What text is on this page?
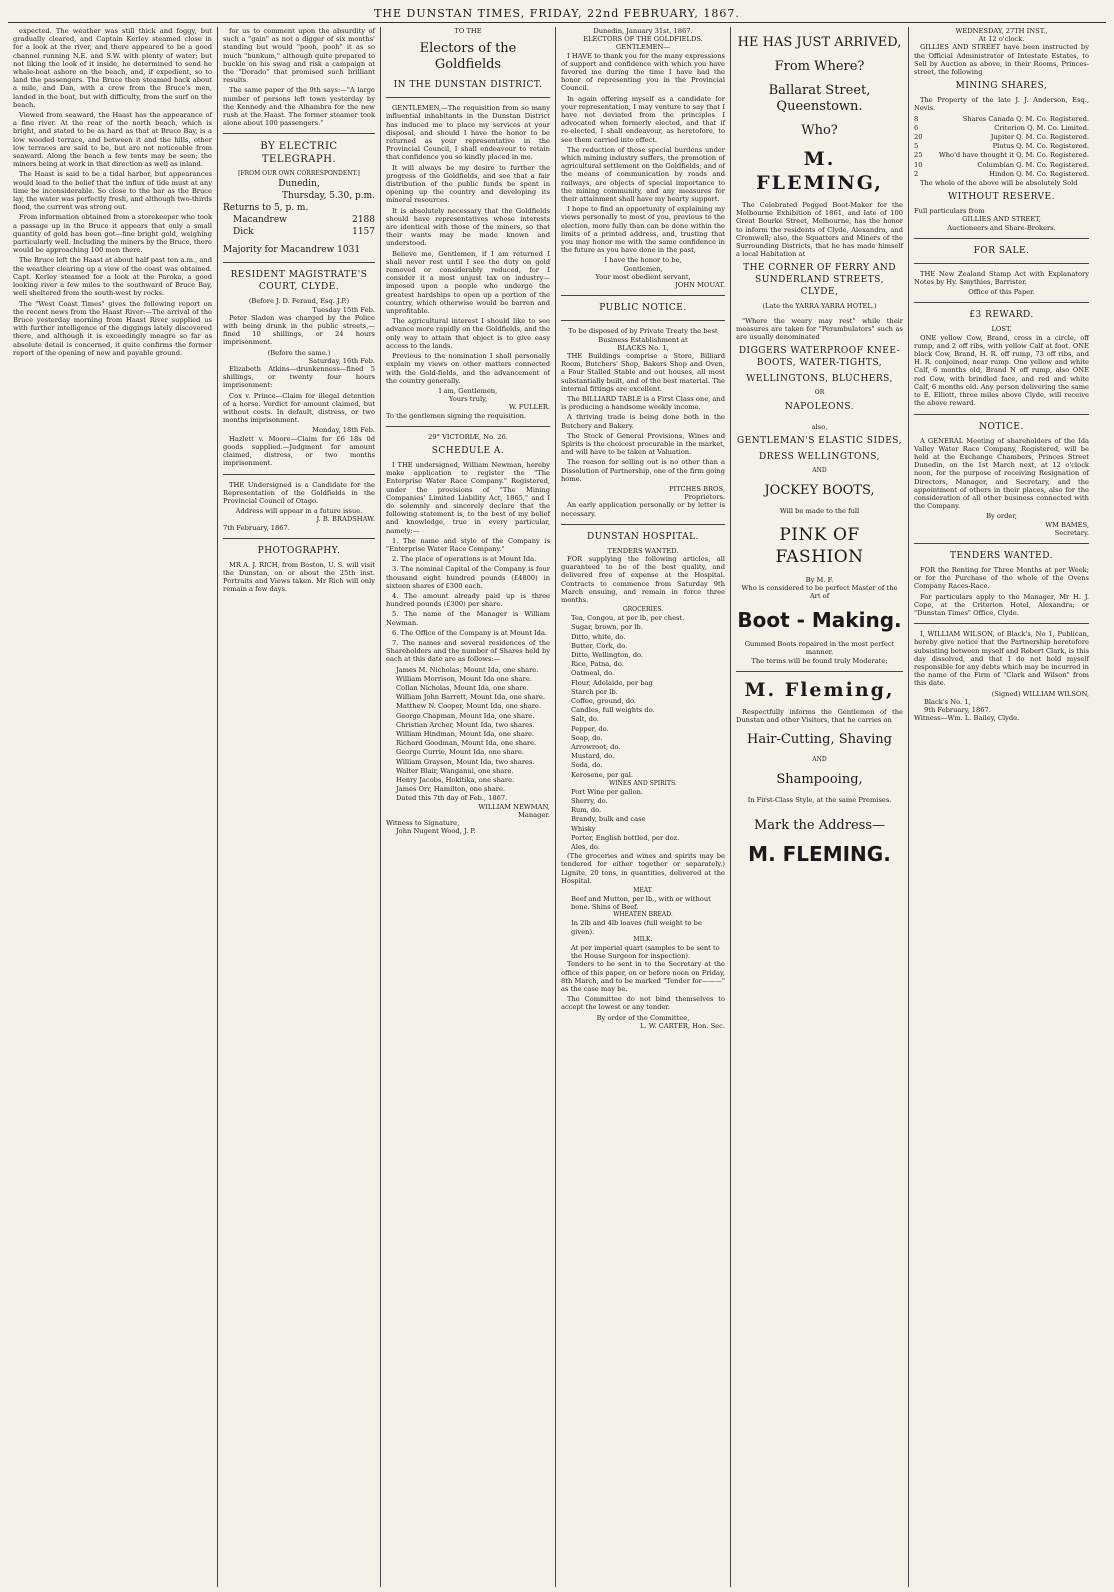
THE DUNSTAN TIMES, FRIDAY, 22nd FEBRUARY, 1867.

expected. The weather was still thick and foggy, but gradually cleared, and Captain Kerley steamed close in for a look at the river, and there appeared to be a good channel running N.E. and S.W. with plenty of water; but not liking the look of it inside, he determined to send he whale-boat ashore on the beach, and, if expedient, so to land the passengers. The Bruce then steamed back about a mile, and Dan, with a crew from the Bruce's men, landed in the boat, but with difficulty, from the surf on the beach.

Viewed from seaward, the Haast has the appearance of a fine river. At the rear of the north beach, which is bright, and stated to be as hard as that at Bruce Bay, is a low wooded terrace, and between it and the hills, other low terraces are said to be, but are not noticeable from seaward. Along the beach a few tents may be seen; the miners being at work in that direction as well as inland.

The Haast is said to be a tidal harbor, but appearances would lead to the belief that the influx of tide must at any time be inconsiderable. So close to the bar as the Bruce lay, the water was perfectly fresh, and although two-thirds flood, the current was strong out.

From information obtained from a storekeeper who took a passage up in the Bruce it appears that only a small quantity of gold has been got—fine bright gold, weighing particularly well. Including the miners by the Bruce, there would be approaching 100 men there.

The Bruce left the Haast at about half past ten a.m., and the weather clearing up a view of the coast was obtained. Capt. Kerley steamed for a look at the Paroka, a good looking river a few miles to the southward of Bruce Bay, well sheltered from the south-west by rocks.

The "West Coast Times" gives the following report on the recent news from the Haast River:—The arrival of the Bruce yesterday morning from Haast River supplied us with further intelligence of the diggings lately discovered there, and although it is exceedingly meagre so far as absolute detail is concerned, it quite confirms the former report of the opening of new and payable ground.

for us to comment upon the absurdity of such a "gain" as not a digger of six months' standing but would "pooh, pooh" it as so much "bunkum," although quite prepared to buckle on his swag and risk a campaign at the "Dorado" that promised such brilliant results.

The same paper of the 9th says:—"A large number of persons left town yesterday by the Kennedy and the Alhambra for the new rush at the Haast. The former steamer took alone about 100 passengers."

BY ELECTRIC TELEGRAPH.
[FROM OUR OWN CORRESPONDENT.]
Dunedin,
Thursday, 5.30, p.m.
Returns to 5, p. m.
Macandrew	2188
Dick	1157
Majority for Macandrew 1031
RESIDENT MAGISTRATE'S COURT, CLYDE.
(Before J. D. Feraud, Esq. J.P.)
Tuesday 15th Feb.

Peter Sladen was charged by the Police with being drunk in the public streets,—fined 10 shillings, or 24 hours imprisonment.

(Before the same.)
Saturday, 16th Feb.

Elizabeth Atkins—drunkenness—fined 5 shillings, or twenty four hours imprisonment:

Cox v. Prince—Claim for illegal detention of a horse. Verdict for amount claimed, but without costs. In default, distress, or two months imprisonment.

Monday, 18th Feb.

Hazlett v. Moore—Claim for £6 18s 0d goods supplied.—Judgment for amount claimed, distress, or two months imprisonment.

THE Undersigned is a Candidate for the Representation of the Goldfields in the Provincial Council of Otago.

Address will appear in a future issue.
J. B. BRADSHAW.
7th February, 1867.
PHOTOGRAPHY.

MR A. J. RICH, from Boston, U. S. will visit the Dunstan, on or about the 25th inst. Portraits and Views taken. Mr Rich will only remain a few days.

TO THE
Electors of the Goldfields
IN THE DUNSTAN DISTRICT.

GENTLEMEN,—The requisition from so many influential inhabitants in the Dunstan District has induced me to place my services at your disposal, and should I have the honor to be returned as your representative in the Provincial Council, I shall endeavour to retain that confidence you so kindly placed in me.

It will always be my desire to further the progress of the Goldfields, and see that a fair distribution of the public funds be spent in opening up the country and developing its mineral resources.

It is absolutely necessary that the Goldfields should have representatives whose interests are identical with those of the miners, so that their wants may be made known and understood.

Believe me, Gentlemen, if I am returned I shall never rest until I see the duty on gold removed or considerably reduced, for I consider it a most unjust tax on industry—imposed upon a people who undergo the greatest hardships to open up a portion of the country, which otherwise would be barren and unprofitable.

The agricultural interest I should like to see advance more rapidly on the Goldfields, and the only way to attain that object is to give easy access to the lands.

Previous to the nomination I shall personally explain my views on other matters connected with the Gold-fields, and the advancement of the country generally.

I am, Gentlemen,
Yours truly,
W. FULLER.
To the gentlemen signing the requisition.
29° VICTORIÆ, No. 26.
SCHEDULE A.

I THE undersigned, William Newman, hereby make application to register the "The Enterprise Water Race Company." Registered, under the provisions of "The Mining Companies' Limited Liability Act, 1865," and I do solemnly and sincerely declare that the following statement is, to the best of my belief and knowledge, true in every particular, namely:—

1. The name and style of the Company is "Enterprise Water Race Company."

2. The place of operations is at Mount Ida.

3. The nominal Capital of the Company is four thousand eight hundred pounds (£4800) in sixteen shares of £300 each.

4. The amount already paid up is three hundred pounds (£300) per share.

5. The name of the Manager is William Newman.

6. The Office of the Company is at Mount Ida.

7. The names and several residences of the Shareholders and the number of Shares held by each at this date are as follows:—

James M. Nicholas, Mount Ida, one share.
William Morrison, Mount Ida one share.
Collan Nicholas, Mount Ida, one share.
William John Barrett, Mount Ida, one share.
Matthew N. Cooper, Mount Ida, one share.
George Chapman, Mount Ida, one share.
Christian Archer, Mount Ida, two shares.
William Hindman, Mount Ida, one share.
Richard Goodman, Mount Ida, one share.
George Currie, Mount Ida, one share.
William Grayson, Mount Ida, two shares.
Walter Blair, Wanganui, one share.
Henry Jacobs, Hokitika, one share.
James Orr, Hamilton, one share.
Dated this 7th day of Feb., 1867.
WILLIAM NEWMAN,
Manager.
Witness to Signature,
John Nugent Wood, J. P.
Dunedin, January 31st, 1867.
ELECTORS OF THE GOLDFIELDS.
GENTLEMEN—

I HAVE to thank you for the many expressions of support and confidence with which you have favored me during the time I have had the honor of representing you in the Provincial Council.

In again offering myself as a candidate for your representation, I may venture to say that I have not deviated from the principles I advocated when formerly elected, and that if re-elected, I shall endeavour, as heretofore, to see them carried into effect.

The reduction of those special burdens under which mining industry suffers, the promotion of agricultural settlement on the Goldfields, and of the means of communication by roads and railways, are objects of special importance to the mining community, and any measures for their attainment shall have my hearty support.

I hope to find an opportunity of explaining my views personally to most of you, previous to the election, more fully than can be done within the limits of a printed address, and, trusting that you may honor me with the same confidence in the future as you have done in the past,

I have the honor to be,
Gentlemen,
Your most obedient servant,
JOHN MOUAT.
PUBLIC NOTICE.
To be disposed of by Private Treaty the best Business Establishment at
BLACKS No. 1,

THE Buildings comprise a Store, Billiard Room, Butchers' Shop, Bakers Shop and Oven, a Four Stalled Stable and out houses, all most substantially built, and of the best material. The internal fittings are excellent.

The BILLIARD TABLE is a First Class one, and is producing a handsome weekly income.

A thriving trade is being done both in the Butchery and Bakery.

The Stock of General Provisions, Wines and Spirits is the choicest procurable in the market, and will have to be taken at Valuation.

The reason for selling out is no other than a Dissolution of Partnership, one of the firm going home.

PITCHES BROS,
Proprietors.
An early application personally or by letter is necessary.
DUNSTAN HOSPITAL.
TENDERS WANTED.

FOR supplying the following articles, all guaranteed to be of the best quality, and delivered free of expense at the Hospital. Contracts to commence from Saturday 9th March ensuing, and remain in force three months.

GROCERIES.
Tea, Congou, at per lb, per chest.
Sugar, brown, per lb.
Ditto, white, do.
Butter, Cork, do.
Ditto, Wellington, do.
Rice, Patna, do.
Oatmeal, do.
Flour, Adelaide, per bag
Starch per lb.
Coffee, ground, do.
Candles, full weights do.
Salt, do.
Pepper, do.
Soap, do.
Arrowroot, do.
Mustard, do.
Soda, do.
Kerosene, per gal.
WINES AND SPIRITS.
Port Wine per gallon.
Sherry, do.
Rum, do.
Brandy, bulk and case
Whisky
Porter, English bottled, per doz.
Ales, do.

(The groceries and wines and spirits may be tendered for either together or separately.) Lignite, 20 tons, in quantities, delivered at the Hospital.

MEAT.
Beef and Mutton, per lb., with or without bone. Shins of Beef.
WHEATEN BREAD.
In 2lb and 4lb loaves (full weight to be given).
MILK.
At per imperial quart (samples to be sent to the House Surgeon for inspection).

Tenders to be sent in to the Secretary at the office of this paper, on or before noon on Friday, 8th March, and to be marked "Tender for———" as the case may be.

The Committee do not bind themselves to accept the lowest or any tender.

By order of the Committee,
L. W. CARTER, Hon. Sec.
HE HAS JUST ARRIVED,
From Where?
Ballarat Street, Queenstown.
Who?
M. FLEMING,

The Celebrated Pegged Boot-Maker for the Melbourne Exhibition of 1861, and late of 100 Great Bourke Street, Melbourne, has the honor to inform the residents of Clyde, Alexandra, and Cromwell; also, the Squatters and Miners of the Surrounding Districts, that he has made himself a local Habitation at

THE CORNER OF FERRY AND SUNDERLAND STREETS, CLYDE,
(Late the YARRA YARRA HOTEL.)

"Where the weary may rest" while their measures are taken for "Perambulators" such as are usually denominated

DIGGERS WATERPROOF KNEE-BOOTS, WATER-TIGHTS,
WELLINGTONS, BLUCHERS,
OR
NAPOLEONS.
also,
GENTLEMAN'S ELASTIC SIDES,
DRESS WELLINGTONS,
AND
JOCKEY BOOTS,
Will be made to the full
PINK OF FASHION
By M. F.
Who is considered to be perfect Master of the Art of
Boot - Making.
Gummed Boots repaired in the most perfect manner.
The terms will be found truly Moderate;
M. Fleming,

Respectfully informs the Gentlemen of the Dunstan and other Visitors, that he carries on

Hair-Cutting, Shaving
AND
Shampooing,
In First-Class Style, at the same Premises.
Mark the Address—
M. FLEMING.
WEDNESDAY, 27TH INST.,
At 12 o'clock.

GILLIES AND STREET have been instructed by the Official Administrator of Intestate Estates, to Sell by Auction as above, in their Rooms, Princes-street, the following

MINING SHARES,
The Property of the late J. J. Anderson, Esq., Nevis.
8	Shares Canada Q. M. Co. Registered.
6	Criterion Q. M. Co. Limited.
20	Jupiter Q. M. Co. Registered.
5	Plutus Q. M. Co. Registered.
25 Who'd have thought it Q. M. Co. Registered.
10	Columbian Q. M. Co. Registered.
2	Hindon Q. M. Co. Registered.
The whole of the above will be absolutely Sold
WITHOUT RESERVE.
Full particulars from
GILLIES AND STREET,
Auctioneers and Share-Brokers.
FOR SALE.

THE New Zealand Stamp Act with Explanatory Notes by Hy. Smythies, Barrister.

Office of this Paper.
£3 REWARD.
LOST.

ONE yellow Cow, Brand, cross in a circle, off rump, and 2 off ribs, with yellow Calf at foot. ONE black Cow, Brand, H. R. off rump, 73 off ribs, and H. R. conjoined, near rump. One yellow and white Calf, 6 months old, Brand N off rump, also ONE red Cow, with brindled face, and red and white Calf, 6 months old. Any person delivering the same to E. Elliott, three miles above Clyde, will receive the above reward.

NOTICE.

A GENERAL Meeting of shareholders of the Ida Valley Water Race Company, Registered, will be held at the Exchange Chambers, Princes Street Dunedin, on the 1st March next, at 12 o'clock noon, for the purpose of receiving Resignation of Directors, Manager, and Secretary, and the appointment of others in their places, also for the consideration of all other business connected with the Company.

By order,
WM BAMES,
Secretary.
TENDERS WANTED.

FOR the Renting for Three Months at per Week; or for the Purchase of the whole of the Ovens Company Races-Race.

For particulars apply to the Manager, Mr H. J. Cope, at the Criterion Hotel, Alexandra; or "Dunstan Times" Office, Clyde.

I, WILLIAM WILSON, of Black's, No 1, Publican, hereby give notice that the Partnership heretofore subsisting between myself and Robert Clark, is this day dissolved, and that I do not hold myself responsible for any debts which may be incurred in the name of the Firm of "Clark and Wilson" from this date.

(Signed) WILLIAM WILSON,
Black's No. 1,
9th February, 1867.
Witness—Wm. L. Bailey, Clyde.
